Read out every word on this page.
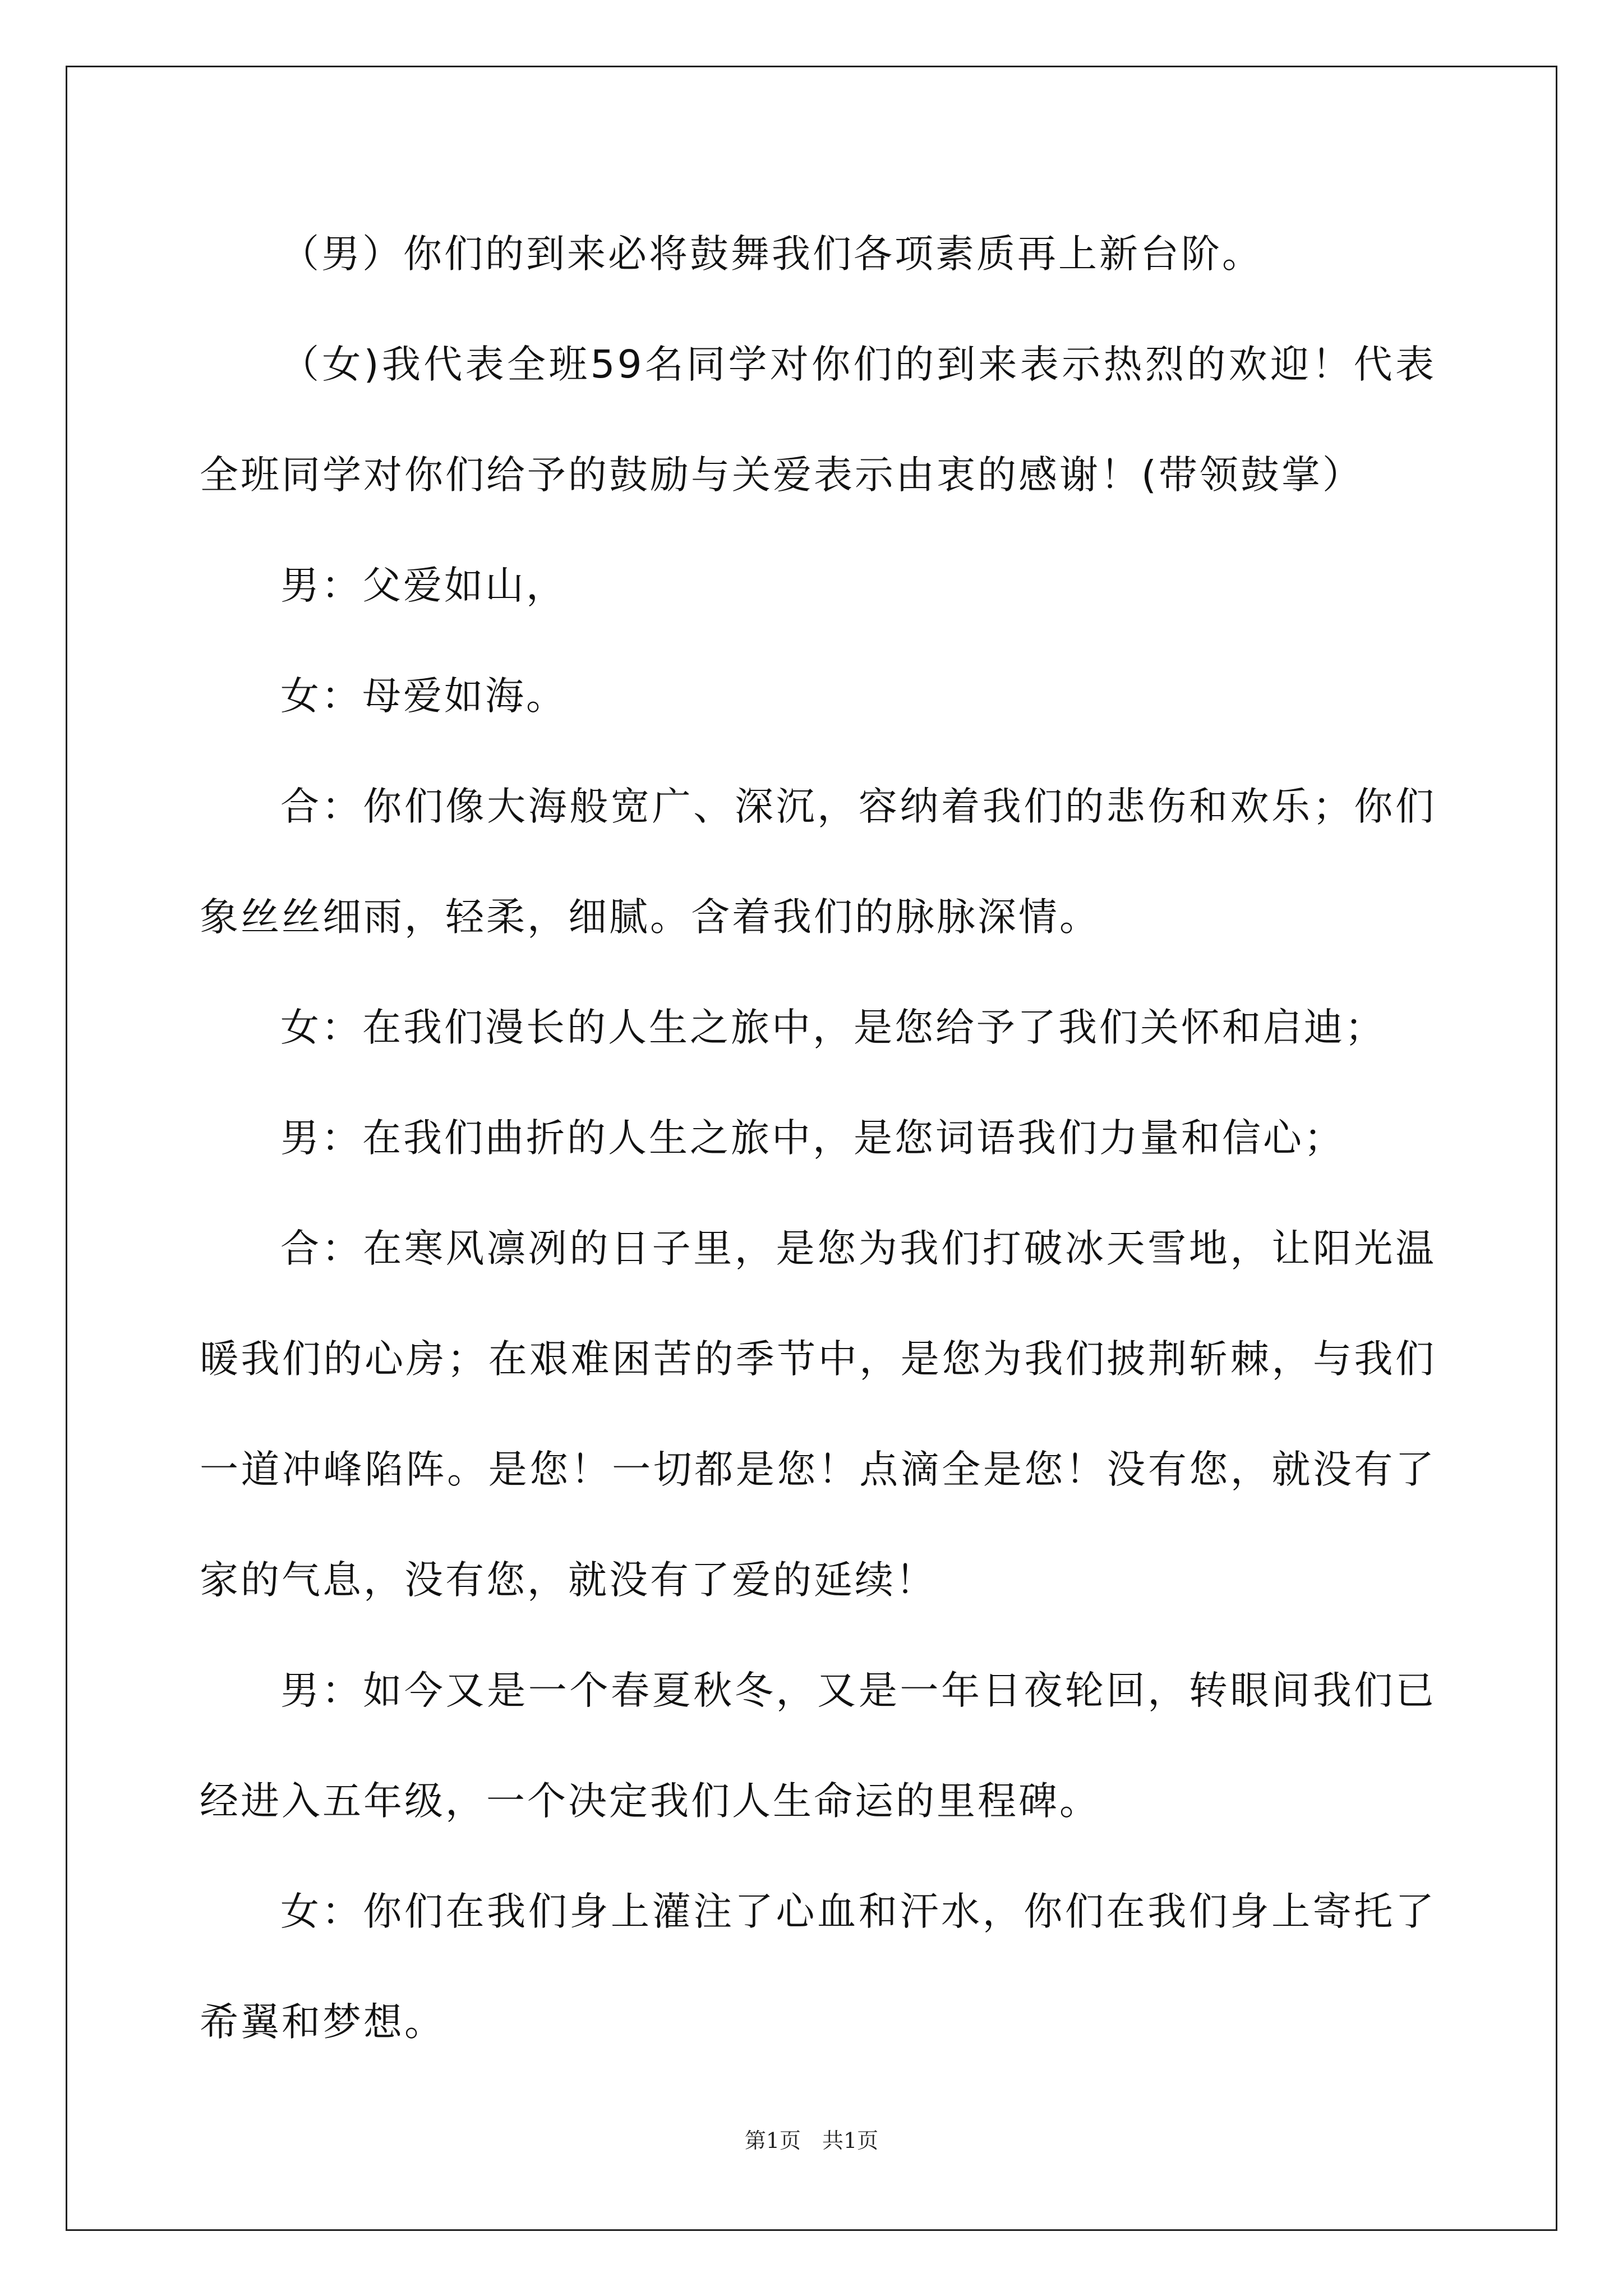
（男）你们的到来必将鼓舞我们各项素质再上新台阶。

（女)我代表全班59名同学对你们的到来表示热烈的欢迎！代表全班同学对你们给予的鼓励与关爱表示由衷的感谢！(带领鼓掌）

男：父爱如山，

女：母爱如海。

合：你们像大海般宽广、深沉，容纳着我们的悲伤和欢乐；你们象丝丝细雨，轻柔，细腻。含着我们的脉脉深情。

女：在我们漫长的人生之旅中，是您给予了我们关怀和启迪；

男：在我们曲折的人生之旅中，是您词语我们力量和信心；

合：在寒风凛冽的日子里，是您为我们打破冰天雪地，让阳光温暖我们的心房；在艰难困苦的季节中，是您为我们披荆斩棘，与我们一道冲峰陷阵。是您！一切都是您！点滴全是您！没有您，就没有了家的气息，没有您，就没有了爱的延续！

男：如今又是一个春夏秋冬，又是一年日夜轮回，转眼间我们已经进入五年级，一个决定我们人生命运的里程碑。

女：你们在我们身上灌注了心血和汗水，你们在我们身上寄托了希翼和梦想。

第1页　共1页
